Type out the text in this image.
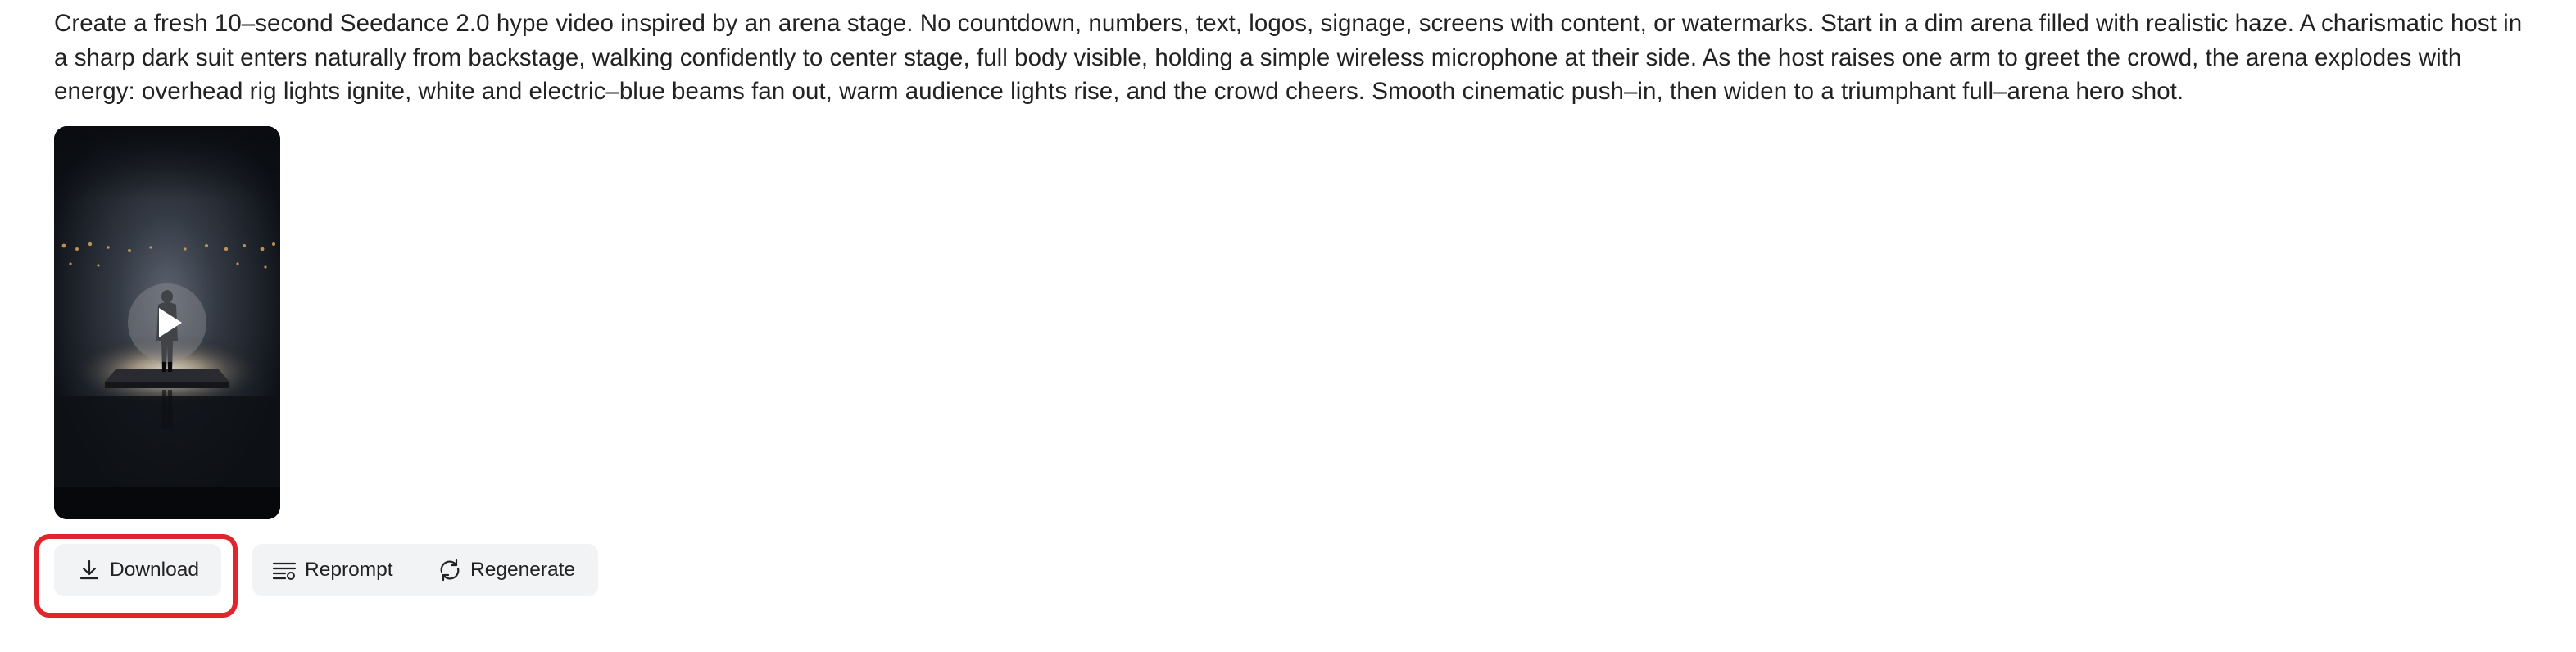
Create a fresh 10–second Seedance 2.0 hype video inspired by an arena stage. No countdown, numbers, text, logos, signage, screens with content, or watermarks. Start in a dim arena filled with realistic haze. A charismatic host in a sharp dark suit enters naturally from backstage, walking confidently to center stage, full body visible, holding a simple wireless microphone at their side. As the host raises one arm to greet the crowd, the arena explodes with energy: overhead rig lights ignite, white and electric–blue beams fan out, warm audience lights rise, and the crowd cheers. Smooth cinematic push–in, then widen to a triumphant full–arena hero shot.

Download	Reprompt	Regenerate
